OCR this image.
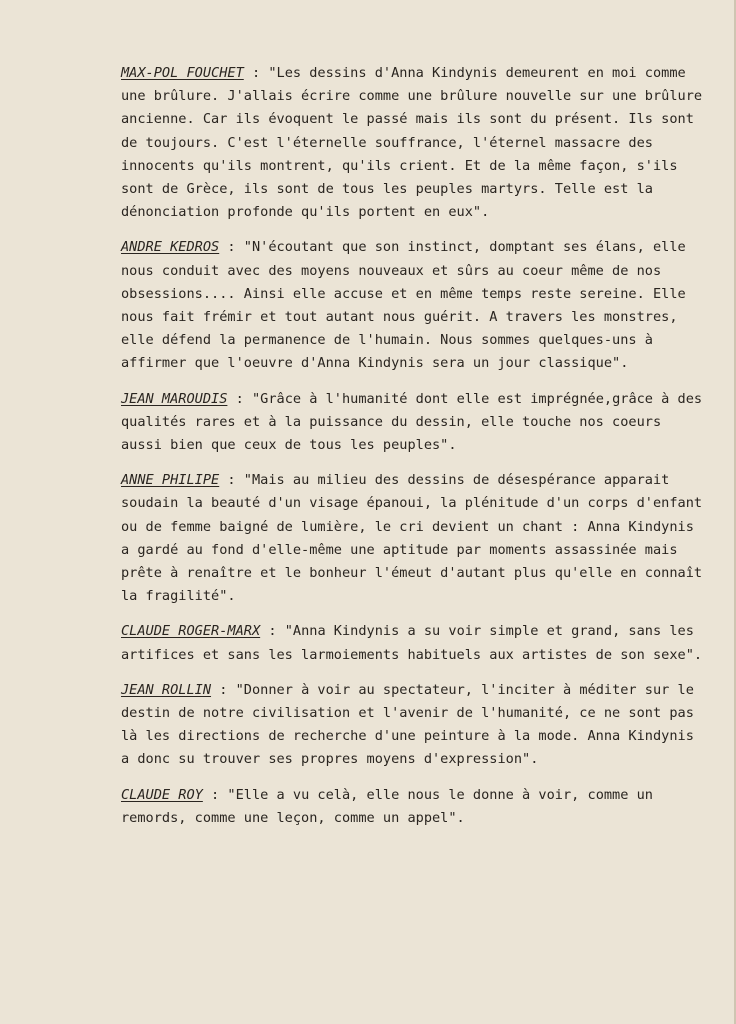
MAX-POL FOUCHET : "Les dessins d'Anna Kindynis demeurent en moi comme une brûlure. J'allais écrire comme une brûlure nouvelle sur une brûlure ancienne. Car ils évoquent le passé mais ils sont du présent. Ils sont de toujours. C'est l'éternelle souffrance, l'éternel massacre des innocents qu'ils montrent, qu'ils crient. Et de la même façon, s'ils sont de Grèce, ils sont de tous les peuples martyrs. Telle est la dénonciation profonde qu'ils portent en eux".

ANDRE KEDROS : "N'écoutant que son instinct, domptant ses élans, elle nous conduit avec des moyens nouveaux et sûrs au coeur même de nos obsessions.... Ainsi elle accuse et en même temps reste sereine. Elle nous fait frémir et tout autant nous guérit. A travers les monstres, elle défend la permanence de l'humain. Nous sommes quelques-uns à affirmer que l'oeuvre d'Anna Kindynis sera un jour classique".

JEAN MAROUDIS : "Grâce à l'humanité dont elle est imprégnée,grâce à des qualités rares et à la puissance du dessin, elle touche nos coeurs aussi bien que ceux de tous les peuples".

ANNE PHILIPE : "Mais au milieu des dessins de désespérance apparait soudain la beauté d'un visage épanoui, la plénitude d'un corps d'enfant ou de femme baigné de lumière, le cri devient un chant : Anna Kindynis a gardé au fond d'elle-même une aptitude par moments assassinée mais prête à renaître et le bonheur l'émeut d'autant plus qu'elle en connaît la fragilité".

CLAUDE ROGER-MARX : "Anna Kindynis a su voir simple et grand, sans les artifices et sans les larmoiements habituels aux artistes de son sexe".

JEAN ROLLIN : "Donner à voir au spectateur, l'inciter à méditer sur le destin de notre civilisation et l'avenir de l'humanité, ce ne sont pas là les directions de recherche d'une peinture à la mode. Anna Kindynis a donc su trouver ses propres moyens d'expression".

CLAUDE ROY : "Elle a vu celà, elle nous le donne à voir, comme un remords, comme une leçon, comme un appel".
